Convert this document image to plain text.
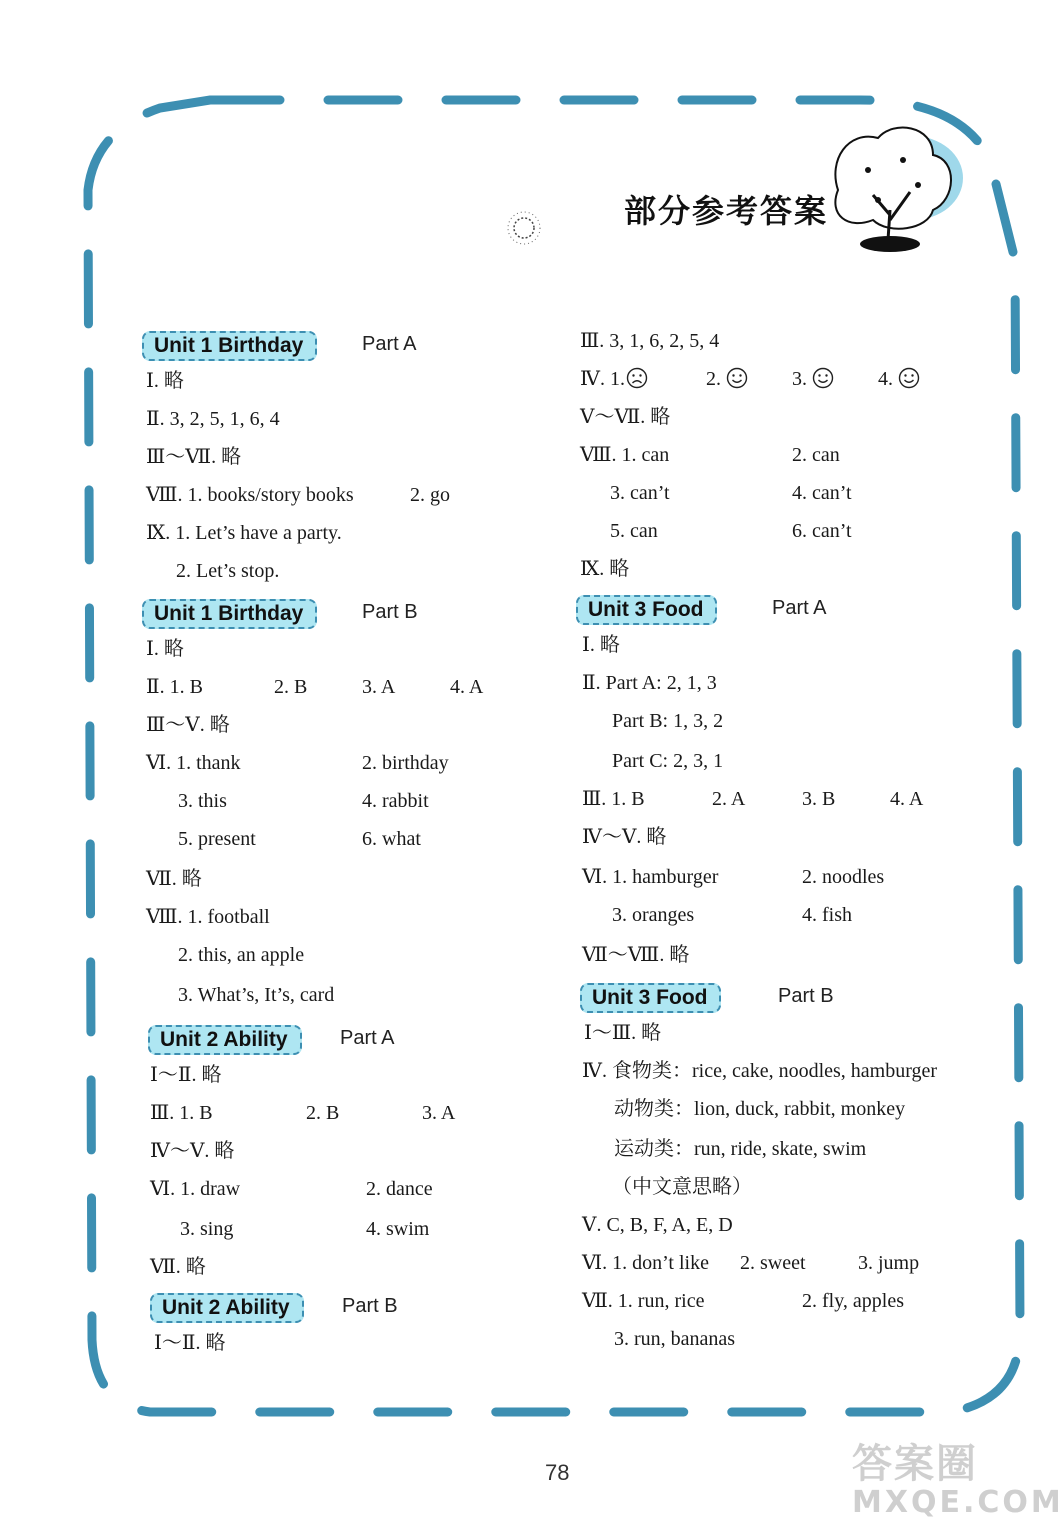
部分参考答案
Unit 1 Birthday	Part A
Ⅰ. 略
Ⅱ. 3, 2, 5, 1, 6, 4
Ⅲ～Ⅶ. 略
Ⅷ. 1. books/story books	2. go
Ⅸ. 1. Let’s have a party.
2. Let’s stop.
Unit 1 Birthday	Part B
Ⅰ. 略
Ⅱ. 1. B	2. B	3. A	4. A
Ⅲ～Ⅴ. 略
Ⅵ. 1. thank	2. birthday
3. this	4. rabbit
5. present	6. what
Ⅶ. 略
Ⅷ. 1. football
2. this, an apple
3. What’s, It’s, card
Unit 2 Ability	Part A
Ⅰ～Ⅱ. 略
Ⅲ. 1. B	2. B	3. A
Ⅳ～Ⅴ. 略
Ⅵ. 1. draw	2. dance
3. sing	4. swim
Ⅶ. 略
Unit 2 Ability	Part B
Ⅰ～Ⅱ. 略
Ⅲ. 3, 1, 6, 2, 5, 4
Ⅳ. 1.	2.	3.	4.
Ⅴ～Ⅶ. 略
Ⅷ. 1. can	2. can
3. can’t	4. can’t
5. can	6. can’t
Ⅸ. 略
Unit 3 Food	Part A
Ⅰ. 略
Ⅱ. Part A: 2, 1, 3
Part B: 1, 3, 2
Part C: 2, 3, 1
Ⅲ. 1. B	2. A	3. B	4. A
Ⅳ～Ⅴ. 略
Ⅵ. 1. hamburger	2. noodles
3. oranges	4. fish
Ⅶ～Ⅷ. 略
Unit 3 Food	Part B
Ⅰ～Ⅲ. 略
Ⅳ. 食物类：rice, cake, noodles, hamburger
动物类：lion, duck, rabbit, monkey
运动类：run, ride, skate, swim
（中文意思略）
Ⅴ. C, B, F, A, E, D
Ⅵ. 1. don’t like 2. sweet	3. jump
Ⅶ. 1. run, rice	2. fly, apples
3. run, bananas
78	答案圈
MXQE.COM
